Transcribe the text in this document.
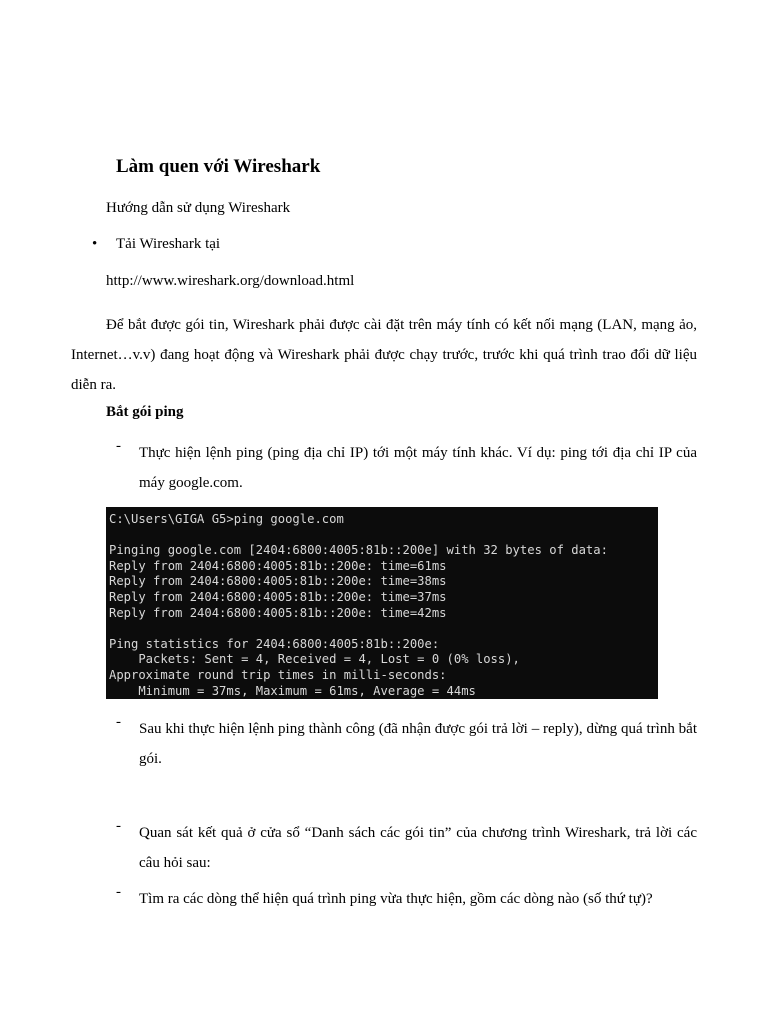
Làm quen với Wireshark
Hướng dẫn sử dụng Wireshark
• Tải Wireshark tại
http://www.wireshark.org/download.html
Để bắt được gói tin, Wireshark phải được cài đặt trên máy tính có kết nối mạng (LAN, mạng ảo, Internet…v.v) đang hoạt động và Wireshark phải được chạy trước, trước khi quá trình trao đổi dữ liệu diễn ra.
Bắt gói ping
- Thực hiện lệnh ping (ping địa chỉ IP) tới một máy tính khác. Ví dụ: ping tới địa chỉ IP của máy google.com.
C:\Users\GIGA G5>ping google.com
Pinging google.com [2404:6800:4005:81b::200e] with 32 bytes of data:
Reply from 2404:6800:4005:81b::200e: time=61ms
Reply from 2404:6800:4005:81b::200e: time=38ms
Reply from 2404:6800:4005:81b::200e: time=37ms
Reply from 2404:6800:4005:81b::200e: time=42ms
Ping statistics for 2404:6800:4005:81b::200e:
Packets: Sent = 4, Received = 4, Lost = 0 (0% loss),
Approximate round trip times in milli-seconds:
Minimum = 37ms, Maximum = 61ms, Average = 44ms
- Sau khi thực hiện lệnh ping thành công (đã nhận được gói trả lời – reply), dừng quá trình bắt gói.
- Quan sát kết quả ở cửa sổ “Danh sách các gói tin” của chương trình Wireshark, trả lời các câu hỏi sau:
- Tìm ra các dòng thể hiện quá trình ping vừa thực hiện, gồm các dòng nào (số thứ tự)?
